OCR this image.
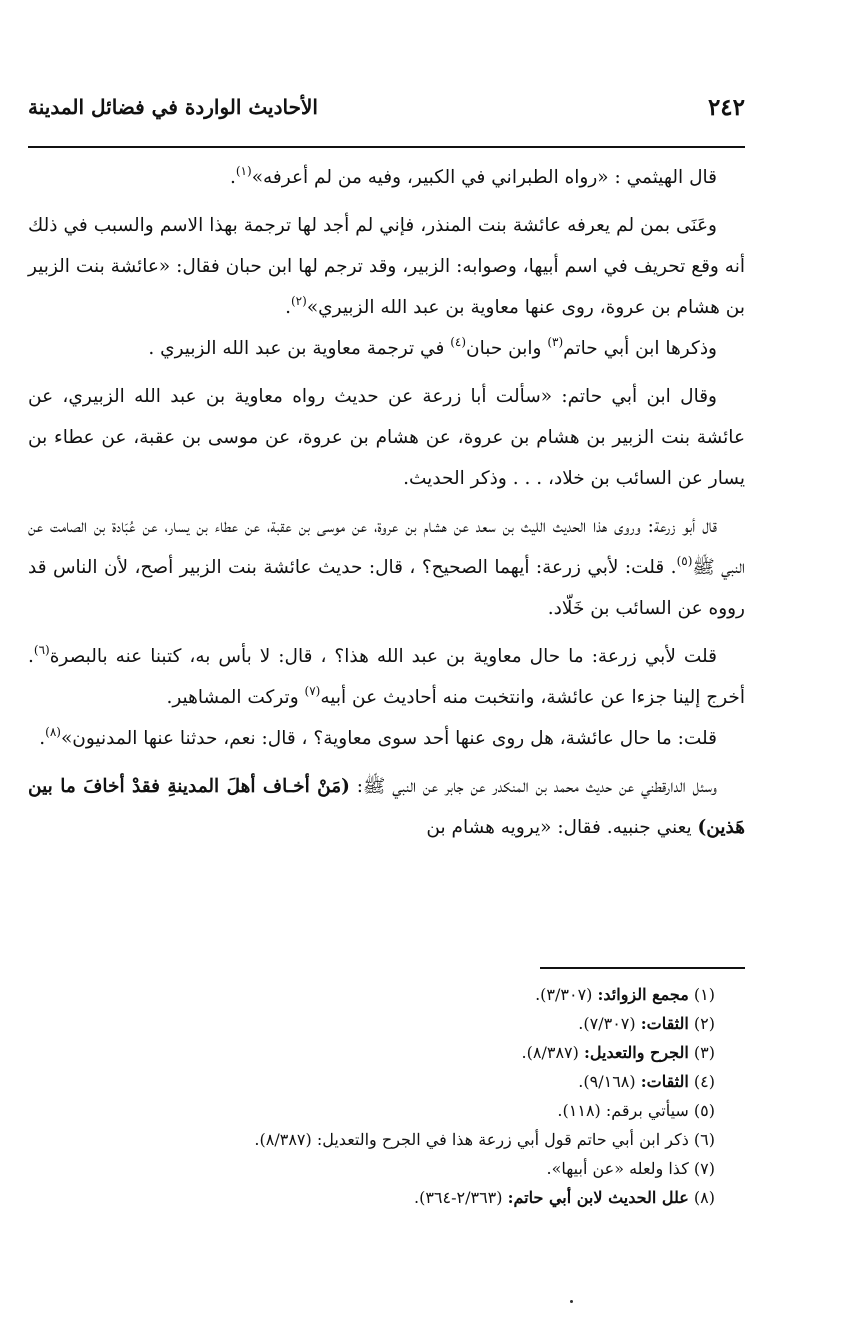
٢٤٢
الأحاديث الواردة في فضائل المدينة

قال الهيثمي : «رواه الطبراني في الكبير، وفيه من لم أعرفه»$^{(١)}$.

وعَنَى بمن لم يعرفه عائشة بنت المنذر، فإني لم أجد لها ترجمة بهذا الاسم والسبب في ذلك أنه وقع تحريف في اسم أبيها، وصوابه: الزبير، وقد ترجم لها ابن حبان فقال: «عائشة بنت الزبير بن هشام بن عروة، روى عنها معاوية بن عبد الله الزبيري»$^{(٢)}$.

وذكرها ابن أبي حاتم$^{(٣)}$ وابن حبان$^{(٤)}$ في ترجمة معاوية بن عبد الله الزبيري .

وقال ابن أبي حاتم: «سألت أبا زرعة عن حديث رواه معاوية بن عبد الله الزبيري، عن عائشة بنت الزبير بن هشام بن عروة، عن هشام بن عروة، عن موسى بن عقبة، عن عطاء بن يسار عن السائب بن خلاد، . . . وذكر الحديث.

قال أبو زرعة: وروى هذا الحديث الليث بن سعد عن هشام بن عروة، عن موسى بن عقبة، عن عطاء بن يسار، عن عُبَادة بن الصامت عن النبي ﷺ$^{(٥)}$. قلت: لأبي زرعة: أيهما الصحيح؟ ، قال: حديث عائشة بنت الزبير أصح، لأن الناس قد رووه عن السائب بن خَلّاد.

قلت لأبي زرعة: ما حال معاوية بن عبد الله هذا؟ ، قال: لا بأس به، كتبنا عنه بالبصرة$^{(٦)}$. أخرج إلينا جزءا عن عائشة، وانتخبت منه أحاديث عن أبيه$^{(٧)}$ وتركت المشاهير.

قلت: ما حال عائشة، هل روى عنها أحد سوى معاوية؟ ، قال: نعم، حدثنا عنها المدنيون»$^{(٨)}$.

وسئل الدارقطني عن حديث محمد بن المنكدر عن جابر عن النبي ﷺ: (مَنْ أخـاف أهلَ المدينةِ فقدْ أخافَ ما بين هَذين) يعني جنبيه. فقال: «يرويه هشام بن

(١) مجمع الزوائد: (٣/٣٠٧).

(٢) الثقات: (٧/٣٠٧).

(٣) الجرح والتعديل: (٨/٣٨٧).

(٤) الثقات: (٩/١٦٨).

(٥) سيأتي برقم: (١١٨).

(٦) ذكر ابن أبي حاتم قول أبي زرعة هذا في الجرح والتعديل: (٨/٣٨٧).

(٧) كذا ولعله «عن أبيها».

(٨) علل الحديث لابن أبي حاتم: (٢/٣٦٣-٣٦٤).
